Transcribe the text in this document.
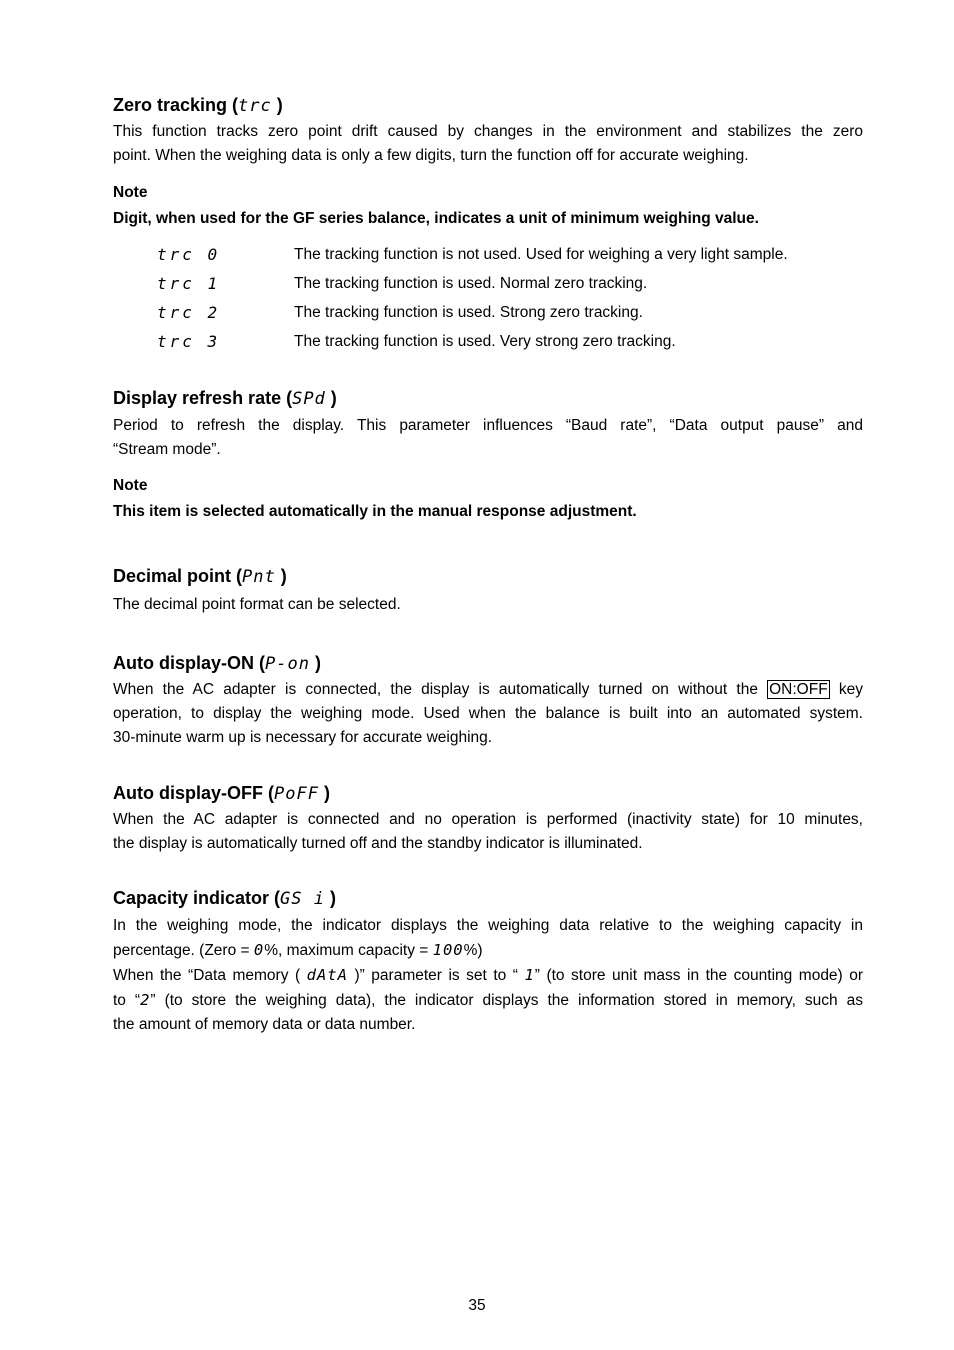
Zero tracking (trc )
This function tracks zero point drift caused by changes in the environment and stabilizes the zero
point. When the weighing data is only a few digits, turn the function off for accurate weighing.
Note
Digit, when used for the GF series balance, indicates a unit of minimum weighing value.
trc 0	The tracking function is not used. Used for weighing a very light sample.
trc 1	The tracking function is used. Normal zero tracking.
trc 2	The tracking function is used. Strong zero tracking.
trc 3	The tracking function is used. Very strong zero tracking.
Display refresh rate (SPd )
Period to refresh the display. This parameter influences “Baud rate”, “Data output pause” and
“Stream mode”.
Note
This item is selected automatically in the manual response adjustment.
Decimal point (Pnt )
The decimal point format can be selected.
Auto display-ON (P-on )
When the AC adapter is connected, the display is automatically turned on without the ON:OFF key
operation, to display the weighing mode. Used when the balance is built into an automated system.
30-minute warm up is necessary for accurate weighing.
Auto display-OFF (PoFF )
When the AC adapter is connected and no operation is performed (inactivity state) for 10 minutes,
the display is automatically turned off and the standby indicator is illuminated.
Capacity indicator (GS i )
In the weighing mode, the indicator displays the weighing data relative to the weighing capacity in
percentage. (Zero = 0%, maximum capacity = 100%)
When the “Data memory ( dAtA )” parameter is set to “ 1” (to store unit mass in the counting mode) or
to “2” (to store the weighing data), the indicator displays the information stored in memory, such as
the amount of memory data or data number.
35
